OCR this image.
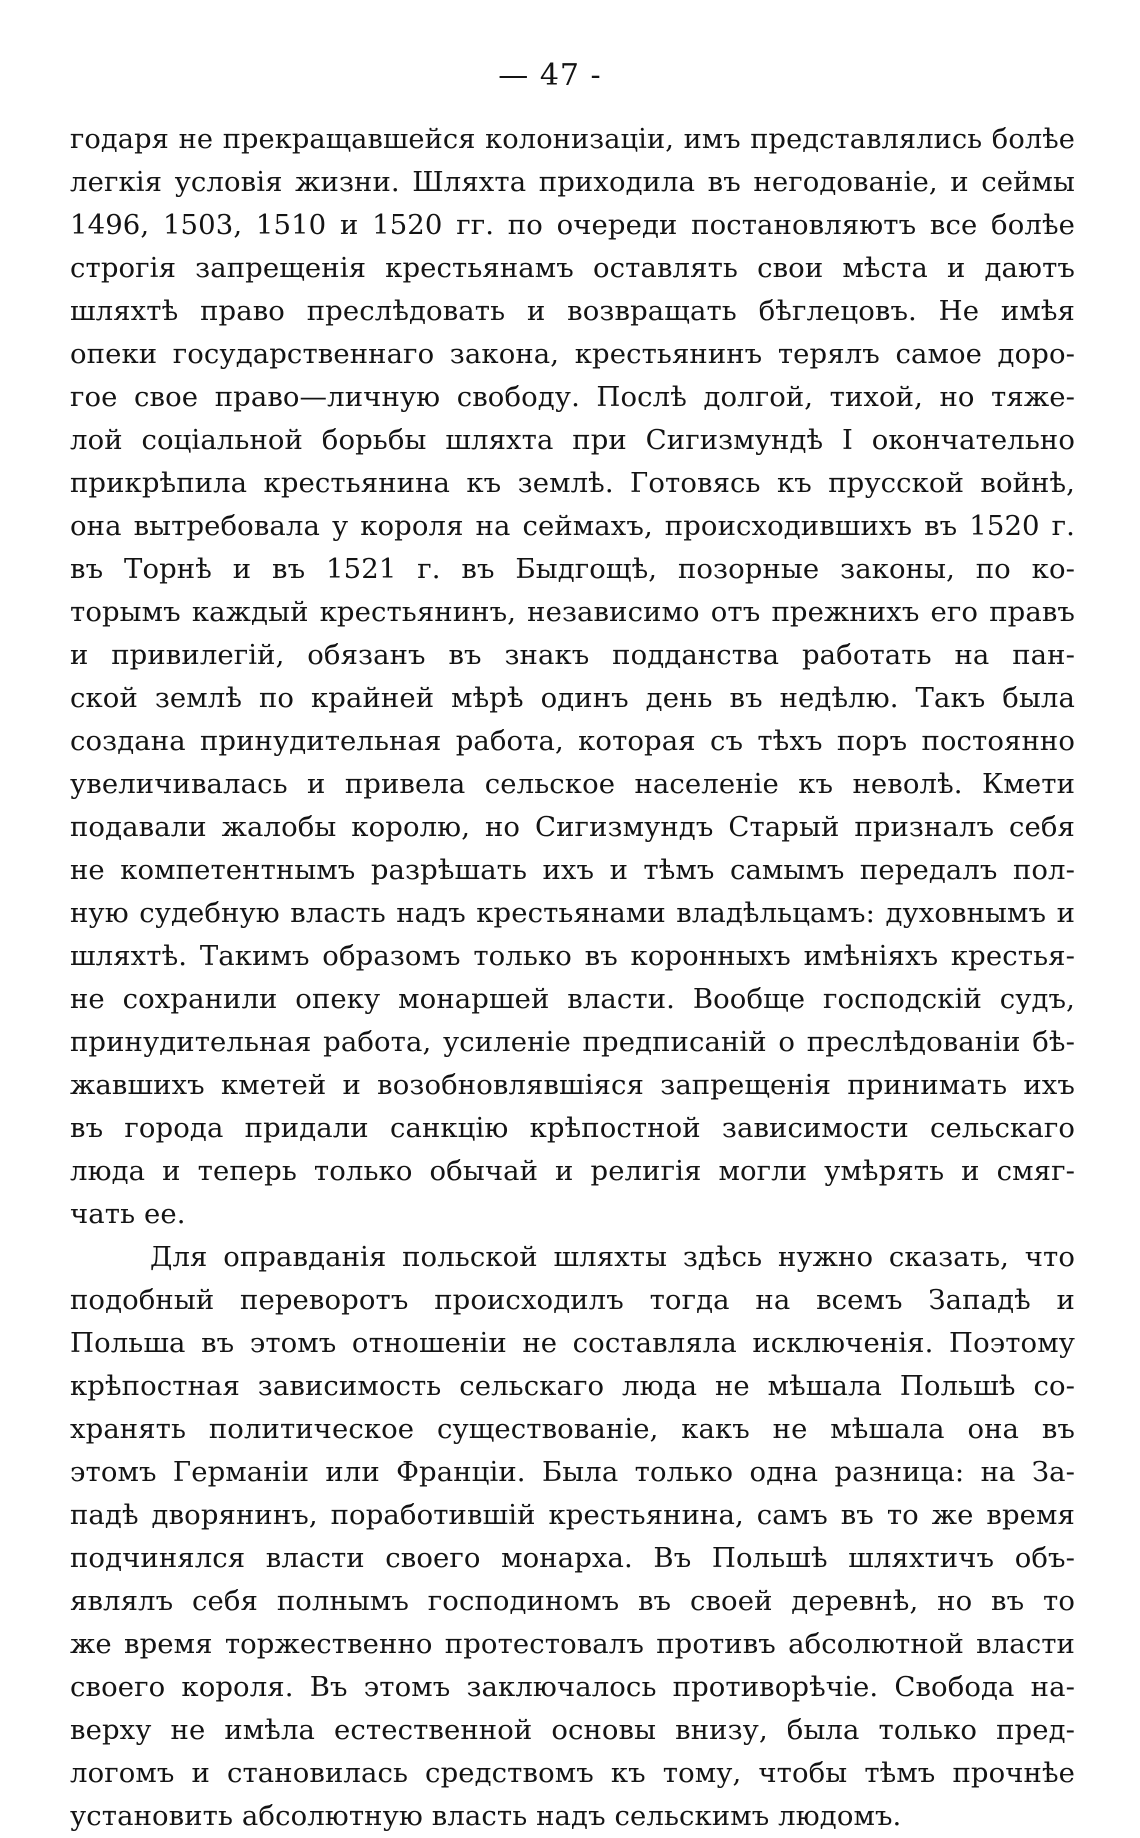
— 47 -
годаря не прекращавшейся колонизаціи, имъ представлялись болѣе
легкія условія жизни. Шляхта приходила въ негодованіе, и сеймы
1496, 1503, 1510 и 1520 гг. по очереди постановляютъ все болѣе
строгія запрещенія крестьянамъ оставлять свои мѣста и даютъ
шляхтѣ право преслѣдовать и возвращать бѣглецовъ. Не имѣя
опеки государственнаго закона, крестьянинъ терялъ самое доро-
гое свое право—личную свободу. Послѣ долгой, тихой, но тяже-
лой соціальной борьбы шляхта при Сигизмундѣ I окончательно
прикрѣпила крестьянина къ землѣ. Готовясь къ прусской войнѣ,
она вытребовала у короля на сеймахъ, происходившихъ въ 1520 г.
въ Торнѣ и въ 1521 г. въ Быдгощѣ, позорные законы, по ко-
торымъ каждый крестьянинъ, независимо отъ прежнихъ его правъ
и привилегій, обязанъ въ знакъ подданства работать на пан-
ской землѣ по крайней мѣрѣ одинъ день въ недѣлю. Такъ была
создана принудительная работа, которая съ тѣхъ поръ постоянно
увеличивалась и привела сельское населеніе къ неволѣ. Кмети
подавали жалобы королю, но Сигизмундъ Старый призналъ себя
не компетентнымъ разрѣшать ихъ и тѣмъ самымъ передалъ пол-
ную судебную власть надъ крестьянами владѣльцамъ: духовнымъ и
шляхтѣ. Такимъ образомъ только въ коронныхъ имѣніяхъ крестья-
не сохранили опеку монаршей власти. Вообще господскій судъ,
принудительная работа, усиленіе предписаній о преслѣдованіи бѣ-
жавшихъ кметей и возобновлявшіяся запрещенія принимать ихъ
въ города придали санкцію крѣпостной зависимости сельскаго
люда и теперь только обычай и религія могли умѣрять и смяг-
чать ее.
Для оправданія польской шляхты здѣсь нужно сказать, что
подобный переворотъ происходилъ тогда на всемъ Западѣ и
Польша въ этомъ отношеніи не составляла исключенія. Поэтому
крѣпостная зависимость сельскаго люда не мѣшала Польшѣ со-
хранять политическое существованіе, какъ не мѣшала она въ
этомъ Германіи или Франціи. Была только одна разница: на За-
падѣ дворянинъ, поработившій крестьянина, самъ въ то же время
подчинялся власти своего монарха. Въ Польшѣ шляхтичъ объ-
являлъ себя полнымъ господиномъ въ своей деревнѣ, но въ то
же время торжественно протестовалъ противъ абсолютной власти
своего короля. Въ этомъ заключалось противорѣчіе. Свобода на-
верху не имѣла естественной основы внизу, была только пред-
логомъ и становилась средствомъ къ тому, чтобы тѣмъ прочнѣе
установить абсолютную власть надъ сельскимъ людомъ.
